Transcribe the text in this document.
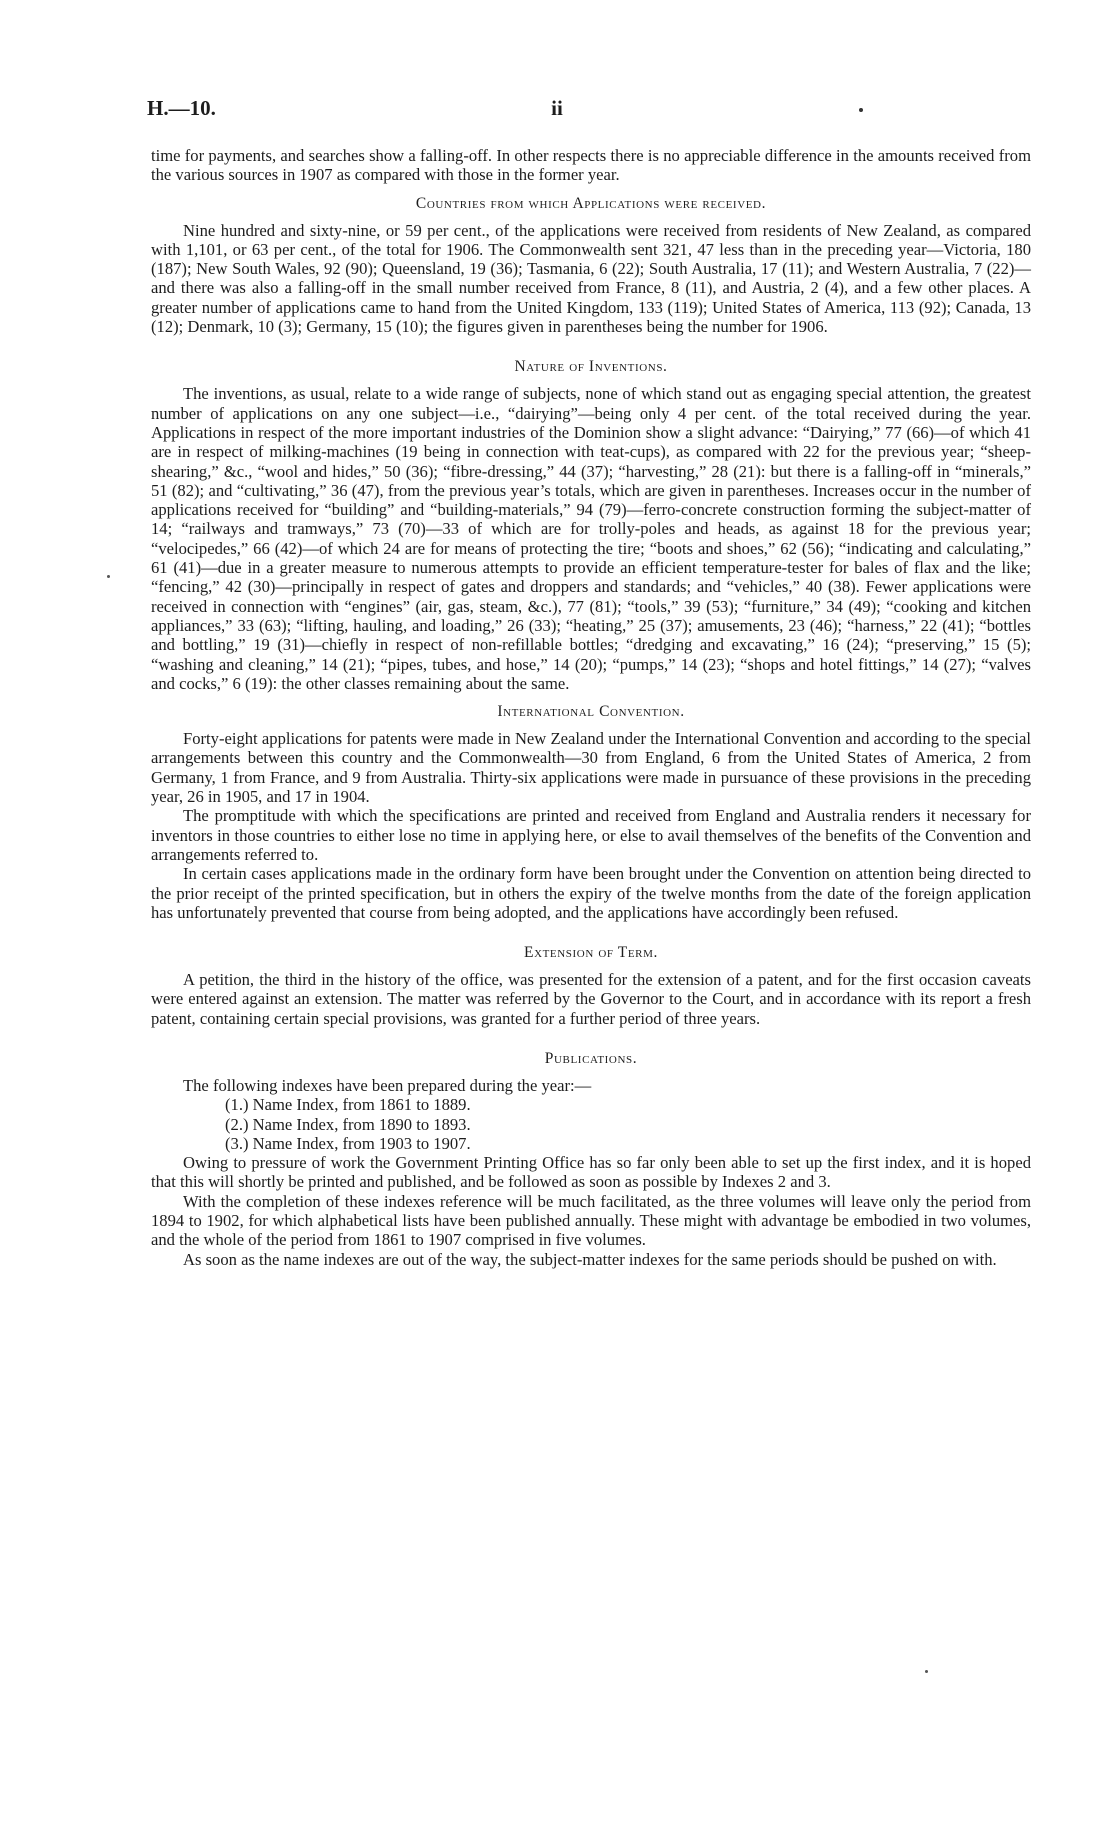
H.—10.	ii

time for payments, and searches show a falling-off. In other respects there is no appreciable difference in the amounts received from the various sources in 1907 as compared with those in the former year.

Countries from which Applications were received.

Nine hundred and sixty-nine, or 59 per cent., of the applications were received from residents of New Zealand, as compared with 1,101, or 63 per cent., of the total for 1906. The Commonwealth sent 321, 47 less than in the preceding year—Victoria, 180 (187); New South Wales, 92 (90); Queensland, 19 (36); Tasmania, 6 (22); South Australia, 17 (11); and Western Australia, 7 (22)—and there was also a falling-off in the small number received from France, 8 (11), and Austria, 2 (4), and a few other places. A greater number of applications came to hand from the United Kingdom, 133 (119); United States of America, 113 (92); Canada, 13 (12); Denmark, 10 (3); Germany, 15 (10); the figures given in parentheses being the number for 1906.

Nature of Inventions.

The inventions, as usual, relate to a wide range of subjects, none of which stand out as engaging special attention, the greatest number of applications on any one subject—i.e., “dairying”—being only 4 per cent. of the total received during the year. Applications in respect of the more important industries of the Dominion show a slight advance: “Dairying,” 77 (66)—of which 41 are in respect of milking-machines (19 being in connection with teat-cups), as compared with 22 for the previous year; “sheep-shearing,” &c., “wool and hides,” 50 (36); “fibre-dressing,” 44 (37); “harvesting,” 28 (21): but there is a falling-off in “minerals,” 51 (82); and “cultivating,” 36 (47), from the previous year’s totals, which are given in parentheses. Increases occur in the number of applications received for “building” and “building-materials,” 94 (79)—ferro-concrete construction forming the subject-matter of 14; “railways and tramways,” 73 (70)—33 of which are for trolly-poles and heads, as against 18 for the previous year; “velocipedes,” 66 (42)—of which 24 are for means of protecting the tire; “boots and shoes,” 62 (56); “indicating and calculating,” 61 (41)—due in a greater measure to numerous attempts to provide an efficient temperature-tester for bales of flax and the like; “fencing,” 42 (30)—principally in respect of gates and droppers and standards; and “vehicles,” 40 (38). Fewer applications were received in connection with “engines” (air, gas, steam, &c.), 77 (81); “tools,” 39 (53); “furniture,” 34 (49); “cooking and kitchen appliances,” 33 (63); “lifting, hauling, and loading,” 26 (33); “heating,” 25 (37); amusements, 23 (46); “harness,” 22 (41); “bottles and bottling,” 19 (31)—chiefly in respect of non-refillable bottles; “dredging and excavating,” 16 (24); “preserving,” 15 (5); “washing and cleaning,” 14 (21); “pipes, tubes, and hose,” 14 (20); “pumps,” 14 (23); “shops and hotel fittings,” 14 (27); “valves and cocks,” 6 (19): the other classes remaining about the same.

International Convention.

Forty-eight applications for patents were made in New Zealand under the International Convention and according to the special arrangements between this country and the Commonwealth—30 from England, 6 from the United States of America, 2 from Germany, 1 from France, and 9 from Australia. Thirty-six applications were made in pursuance of these provisions in the preceding year, 26 in 1905, and 17 in 1904.

The promptitude with which the specifications are printed and received from England and Australia renders it necessary for inventors in those countries to either lose no time in applying here, or else to avail themselves of the benefits of the Convention and arrangements referred to.

In certain cases applications made in the ordinary form have been brought under the Convention on attention being directed to the prior receipt of the printed specification, but in others the expiry of the twelve months from the date of the foreign application has unfortunately prevented that course from being adopted, and the applications have accordingly been refused.

Extension of Term.

A petition, the third in the history of the office, was presented for the extension of a patent, and for the first occasion caveats were entered against an extension. The matter was referred by the Governor to the Court, and in accordance with its report a fresh patent, containing certain special provisions, was granted for a further period of three years.

Publications.

The following indexes have been prepared during the year:—

(1.) Name Index, from 1861 to 1889.
(2.) Name Index, from 1890 to 1893.
(3.) Name Index, from 1903 to 1907.

Owing to pressure of work the Government Printing Office has so far only been able to set up the first index, and it is hoped that this will shortly be printed and published, and be followed as soon as possible by Indexes 2 and 3.

With the completion of these indexes reference will be much facilitated, as the three volumes will leave only the period from 1894 to 1902, for which alphabetical lists have been published annually. These might with advantage be embodied in two volumes, and the whole of the period from 1861 to 1907 comprised in five volumes.

As soon as the name indexes are out of the way, the subject-matter indexes for the same periods should be pushed on with.
